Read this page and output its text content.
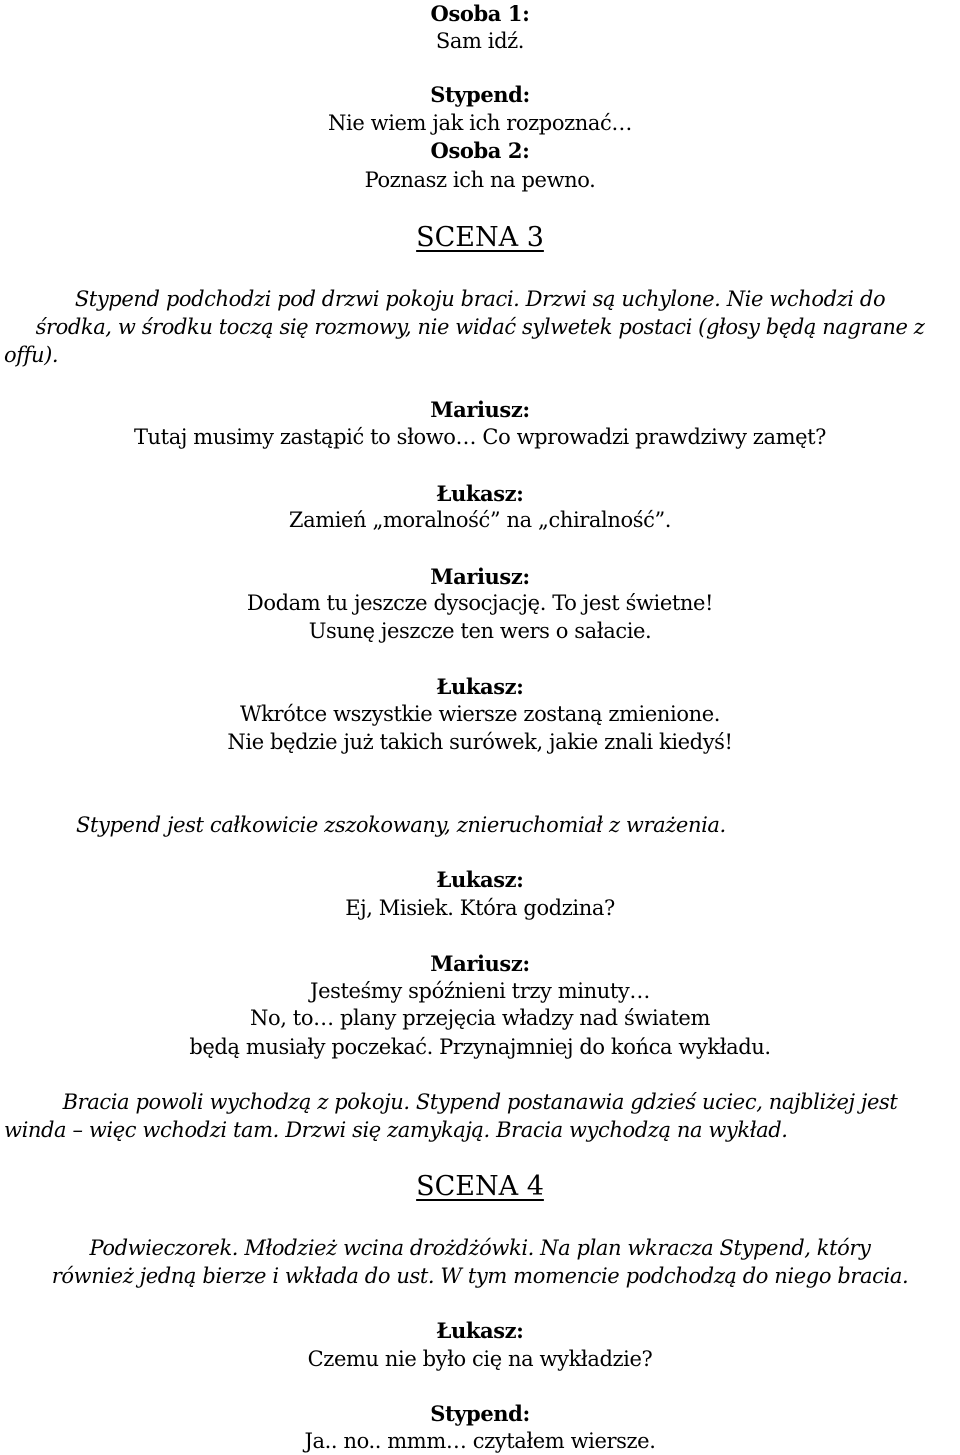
Osoba 1:
Sam idź.
Stypend:
Nie wiem jak ich rozpoznać…
Osoba 2:
Poznasz ich na pewno.
SCENA 3
Stypend podchodzi pod drzwi pokoju braci. Drzwi są uchylone. Nie wchodzi do
środka, w środku toczą się rozmowy, nie widać sylwetek postaci (głosy będą nagrane z
offu).
Mariusz:
Tutaj musimy zastąpić to słowo… Co wprowadzi prawdziwy zamęt?
Łukasz:
Zamień „moralność” na „chiralność”.
Mariusz:
Dodam tu jeszcze dysocjację. To jest świetne!
Usunę jeszcze ten wers o sałacie.
Łukasz:
Wkrótce wszystkie wiersze zostaną zmienione.
Nie będzie już takich surówek, jakie znali kiedyś!
Stypend jest całkowicie zszokowany, znieruchomiał z wrażenia.
Łukasz:
Ej, Misiek. Która godzina?
Mariusz:
Jesteśmy spóźnieni trzy minuty…
No, to… plany przejęcia władzy nad światem
będą musiały poczekać. Przynajmniej do końca wykładu.
Bracia powoli wychodzą z pokoju. Stypend postanawia gdzieś uciec, najbliżej jest
winda – więc wchodzi tam. Drzwi się zamykają. Bracia wychodzą na wykład.
SCENA 4
Podwieczorek. Młodzież wcina drożdżówki. Na plan wkracza Stypend, który
również jedną bierze i wkłada do ust. W tym momencie podchodzą do niego bracia.
Łukasz:
Czemu nie było cię na wykładzie?
Stypend:
Ja.. no.. mmm… czytałem wiersze.
